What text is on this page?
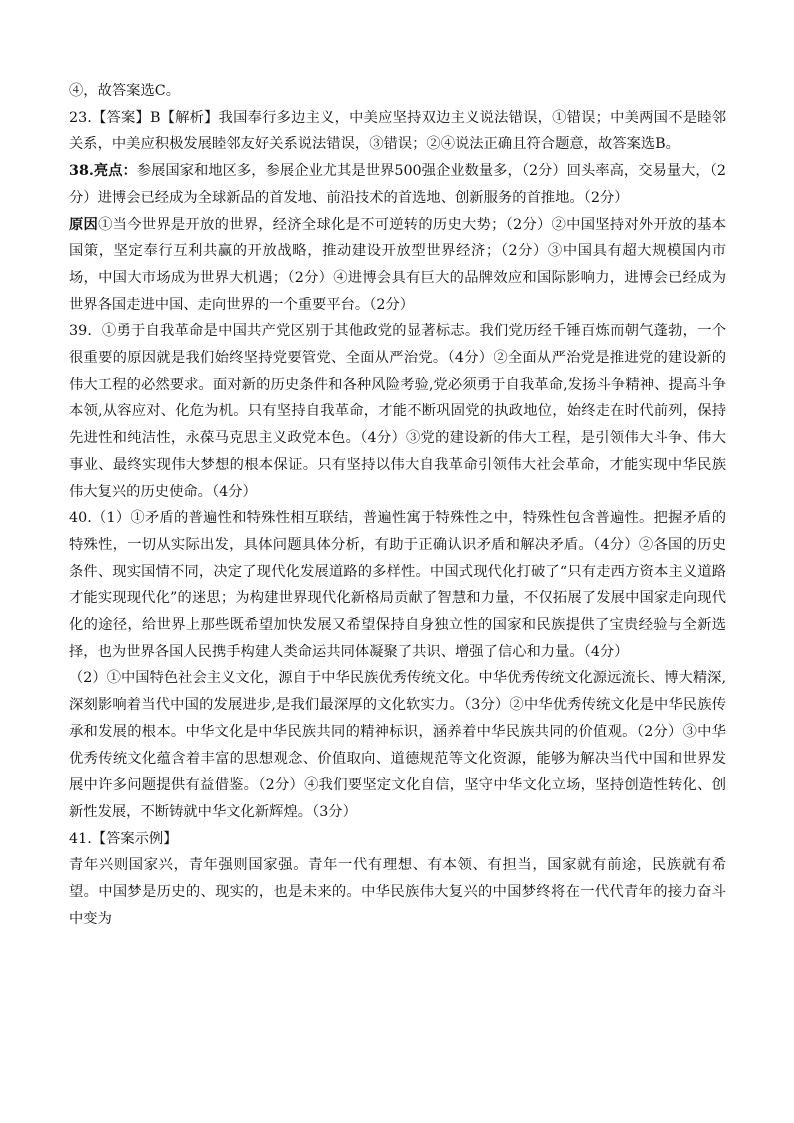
④，故答案选C。

23.【答案】B【解析】我国奉行多边主义，中美应坚持双边主义说法错误，①错误；中美两国不是睦邻关系，中美应积极发展睦邻友好关系说法错误，③错误；②④说法正确且符合题意，故答案选B。

38.亮点：参展国家和地区多，参展企业尤其是世界500强企业数量多，（2分）回头率高，交易量大，（2分）进博会已经成为全球新品的首发地、前沿技术的首选地、创新服务的首推地。（2分）

原因①当今世界是开放的世界，经济全球化是不可逆转的历史大势；（2分）②中国坚持对外开放的基本国策，坚定奉行互利共赢的开放战略，推动建设开放型世界经济；（2分）③中国具有超大规模国内市场，中国大市场成为世界大机遇；（2分）④进博会具有巨大的品牌效应和国际影响力，进博会已经成为世界各国走进中国、走向世界的一个重要平台。（2分）

39．①勇于自我革命是中国共产党区别于其他政党的显著标志。我们党历经千锤百炼而朝气蓬勃，一个很重要的原因就是我们始终坚持党要管党、全面从严治党。（4分）②全面从严治党是推进党的建设新的伟大工程的必然要求。面对新的历史条件和各种风险考验,党必须勇于自我革命,发扬斗争精神、提高斗争本领,从容应对、化危为机。只有坚持自我革命，才能不断巩固党的执政地位，始终走在时代前列，保持先进性和纯洁性，永葆马克思主义政党本色。（4分）③党的建设新的伟大工程，是引领伟大斗争、伟大事业、最终实现伟大梦想的根本保证。只有坚持以伟大自我革命引领伟大社会革命，才能实现中华民族伟大复兴的历史使命。（4分）

40.（1）①矛盾的普遍性和特殊性相互联结，普遍性寓于特殊性之中，特殊性包含普遍性。把握矛盾的特殊性，一切从实际出发，具体问题具体分析，有助于正确认识矛盾和解决矛盾。（4分）②各国的历史条件、现实国情不同，决定了现代化发展道路的多样性。中国式现代化打破了“只有走西方资本主义道路才能实现现代化”的迷思；为构建世界现代化新格局贡献了智慧和力量，不仅拓展了发展中国家走向现代化的途径，给世界上那些既希望加快发展又希望保持自身独立性的国家和民族提供了宝贵经验与全新选择，也为世界各国人民携手构建人类命运共同体凝聚了共识、增强了信心和力量。（4分）

（2）①中国特色社会主义文化，源自于中华民族优秀传统文化。中华优秀传统文化源远流长、博大精深,深刻影响着当代中国的发展进步,是我们最深厚的文化软实力。（3分）②中华优秀传统文化是中华民族传承和发展的根本。中华文化是中华民族共同的精神标识，涵养着中华民族共同的价值观。（2分）③中华优秀传统文化蕴含着丰富的思想观念、价值取向、道德规范等文化资源，能够为解决当代中国和世界发展中许多问题提供有益借鉴。（2分）④我们要坚定文化自信，坚守中华文化立场，坚持创造性转化、创新性发展，不断铸就中华文化新辉煌。（3分）

41.【答案示例】

青年兴则国家兴，青年强则国家强。青年一代有理想、有本领、有担当，国家就有前途，民族就有希望。中国梦是历史的、现实的，也是未来的。中华民族伟大复兴的中国梦终将在一代代青年的接力奋斗中变为
